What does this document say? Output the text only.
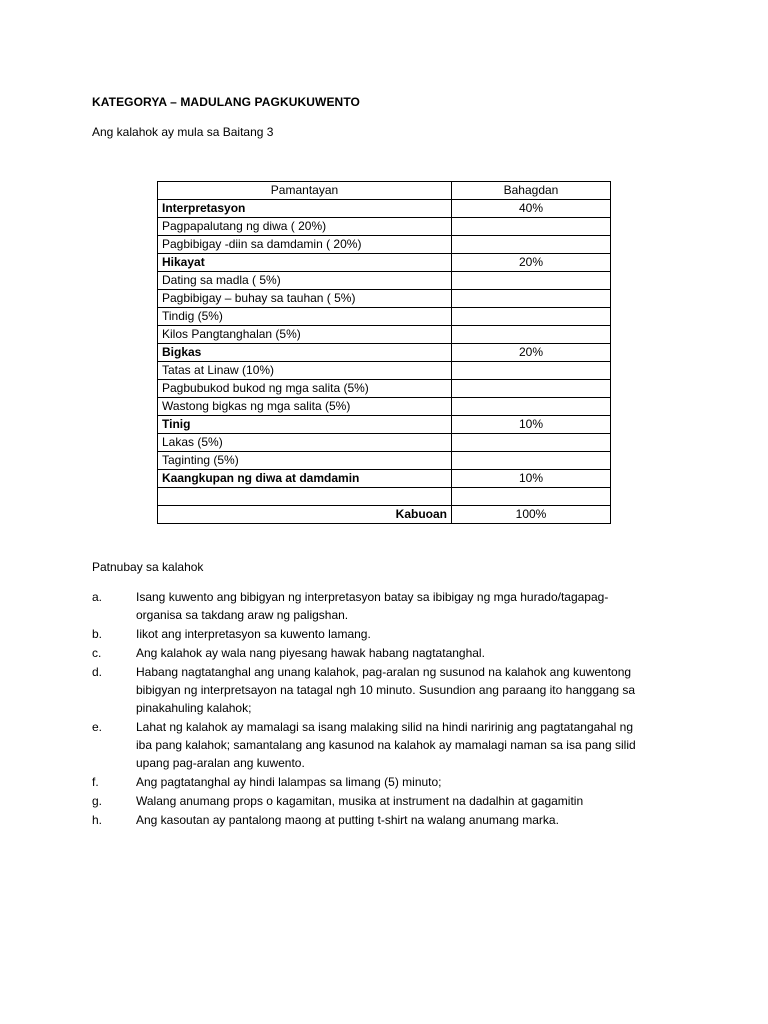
KATEGORYA – MADULANG PAGKUKUWENTO
Ang kalahok ay mula sa Baitang 3
Pamantayan	Bahagdan
Interpretasyon	40%
Pagpapalutang ng diwa ( 20%)	
Pagbibigay -diin sa damdamin ( 20%)	
Hikayat	20%
Dating sa madla ( 5%)	
Pagbibigay – buhay sa tauhan ( 5%)	
Tindig (5%)	
Kilos Pangtanghalan (5%)	
Bigkas	20%
Tatas at Linaw (10%)	
Pagbubukod bukod ng mga salita (5%)	
Wastong bigkas ng mga salita (5%)	
Tinig	10%
Lakas (5%)	
Taginting (5%)	
Kaangkupan ng diwa at damdamin	10%

Kabuoan	100%
Patnubay sa kalahok
a.	Isang kuwento ang bibigyan ng interpretasyon batay sa ibibigay ng mga hurado/tagapag-organisa sa takdang araw ng paligshan.
b.	Iikot ang interpretasyon sa kuwento lamang.
c.	Ang kalahok ay wala nang piyesang hawak habang nagtatanghal.
d.	Habang nagtatanghal ang unang kalahok, pag-aralan ng susunod na kalahok ang kuwentong bibigyan ng interpretsayon na tatagal ngh 10 minuto. Susundion ang paraang ito hanggang sa pinakahuling kalahok;
e.	Lahat ng kalahok ay mamalagi sa isang malaking silid na hindi naririnig ang pagtatangahal ng iba pang kalahok; samantalang ang kasunod na kalahok ay mamalagi naman sa isa pang silid upang pag-aralan ang kuwento.
f.	Ang pagtatanghal ay hindi lalampas sa limang (5) minuto;
g.	Walang anumang props o kagamitan, musika at instrument na dadalhin at gagamitin
h.	Ang kasoutan ay pantalong maong at putting t-shirt na walang anumang marka.
